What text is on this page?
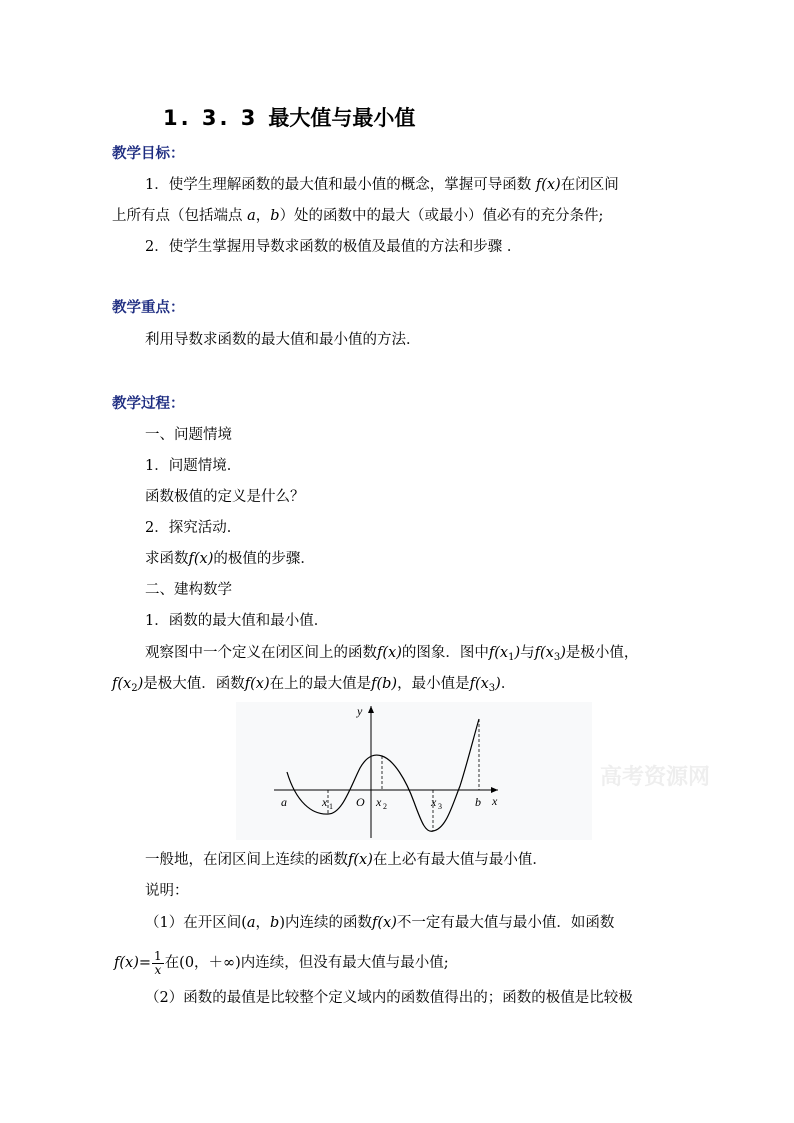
1. 3. 3 最大值与最小值
教学目标：
1．使学生理解函数的最大值和最小值的概念，掌握可导函数 f(x)在闭区间
上所有点（包括端点 a，b）处的函数中的最大（或最小）值必有的充分条件;
2．使学生掌握用导数求函数的极值及最值的方法和步骤 ．
教学重点：
利用导数求函数的最大值和最小值的方法．
教学过程：
一、问题情境
1．问题情境．
函数极值的定义是什么？
2．探究活动．
求函数f(x)的极值的步骤．
二、建构数学
1．函数的最大值和最小值．
观察图中一个定义在闭区间上的函数f(x)的图象．图中$f(x_1)$与$f(x_3)$是极小值，
$f(x_2)$是极大值．函数f(x)在上的最大值是f(b)，最小值是$f(x_3)$．
y
x
a	O
x 1	x 2	x 3	b
高考资源网
一般地，在闭区间上连续的函数f(x)在上必有最大值与最小值．
说明：
（1）在开区间(a，b)内连续的函数f(x)不一定有最大值与最小值．如函数
$f(x)= \frac{1}{x}$ 在(0，＋∞)内连续，但没有最大值与最小值;
（2）函数的最值是比较整个定义域内的函数值得出的；函数的极值是比较极
